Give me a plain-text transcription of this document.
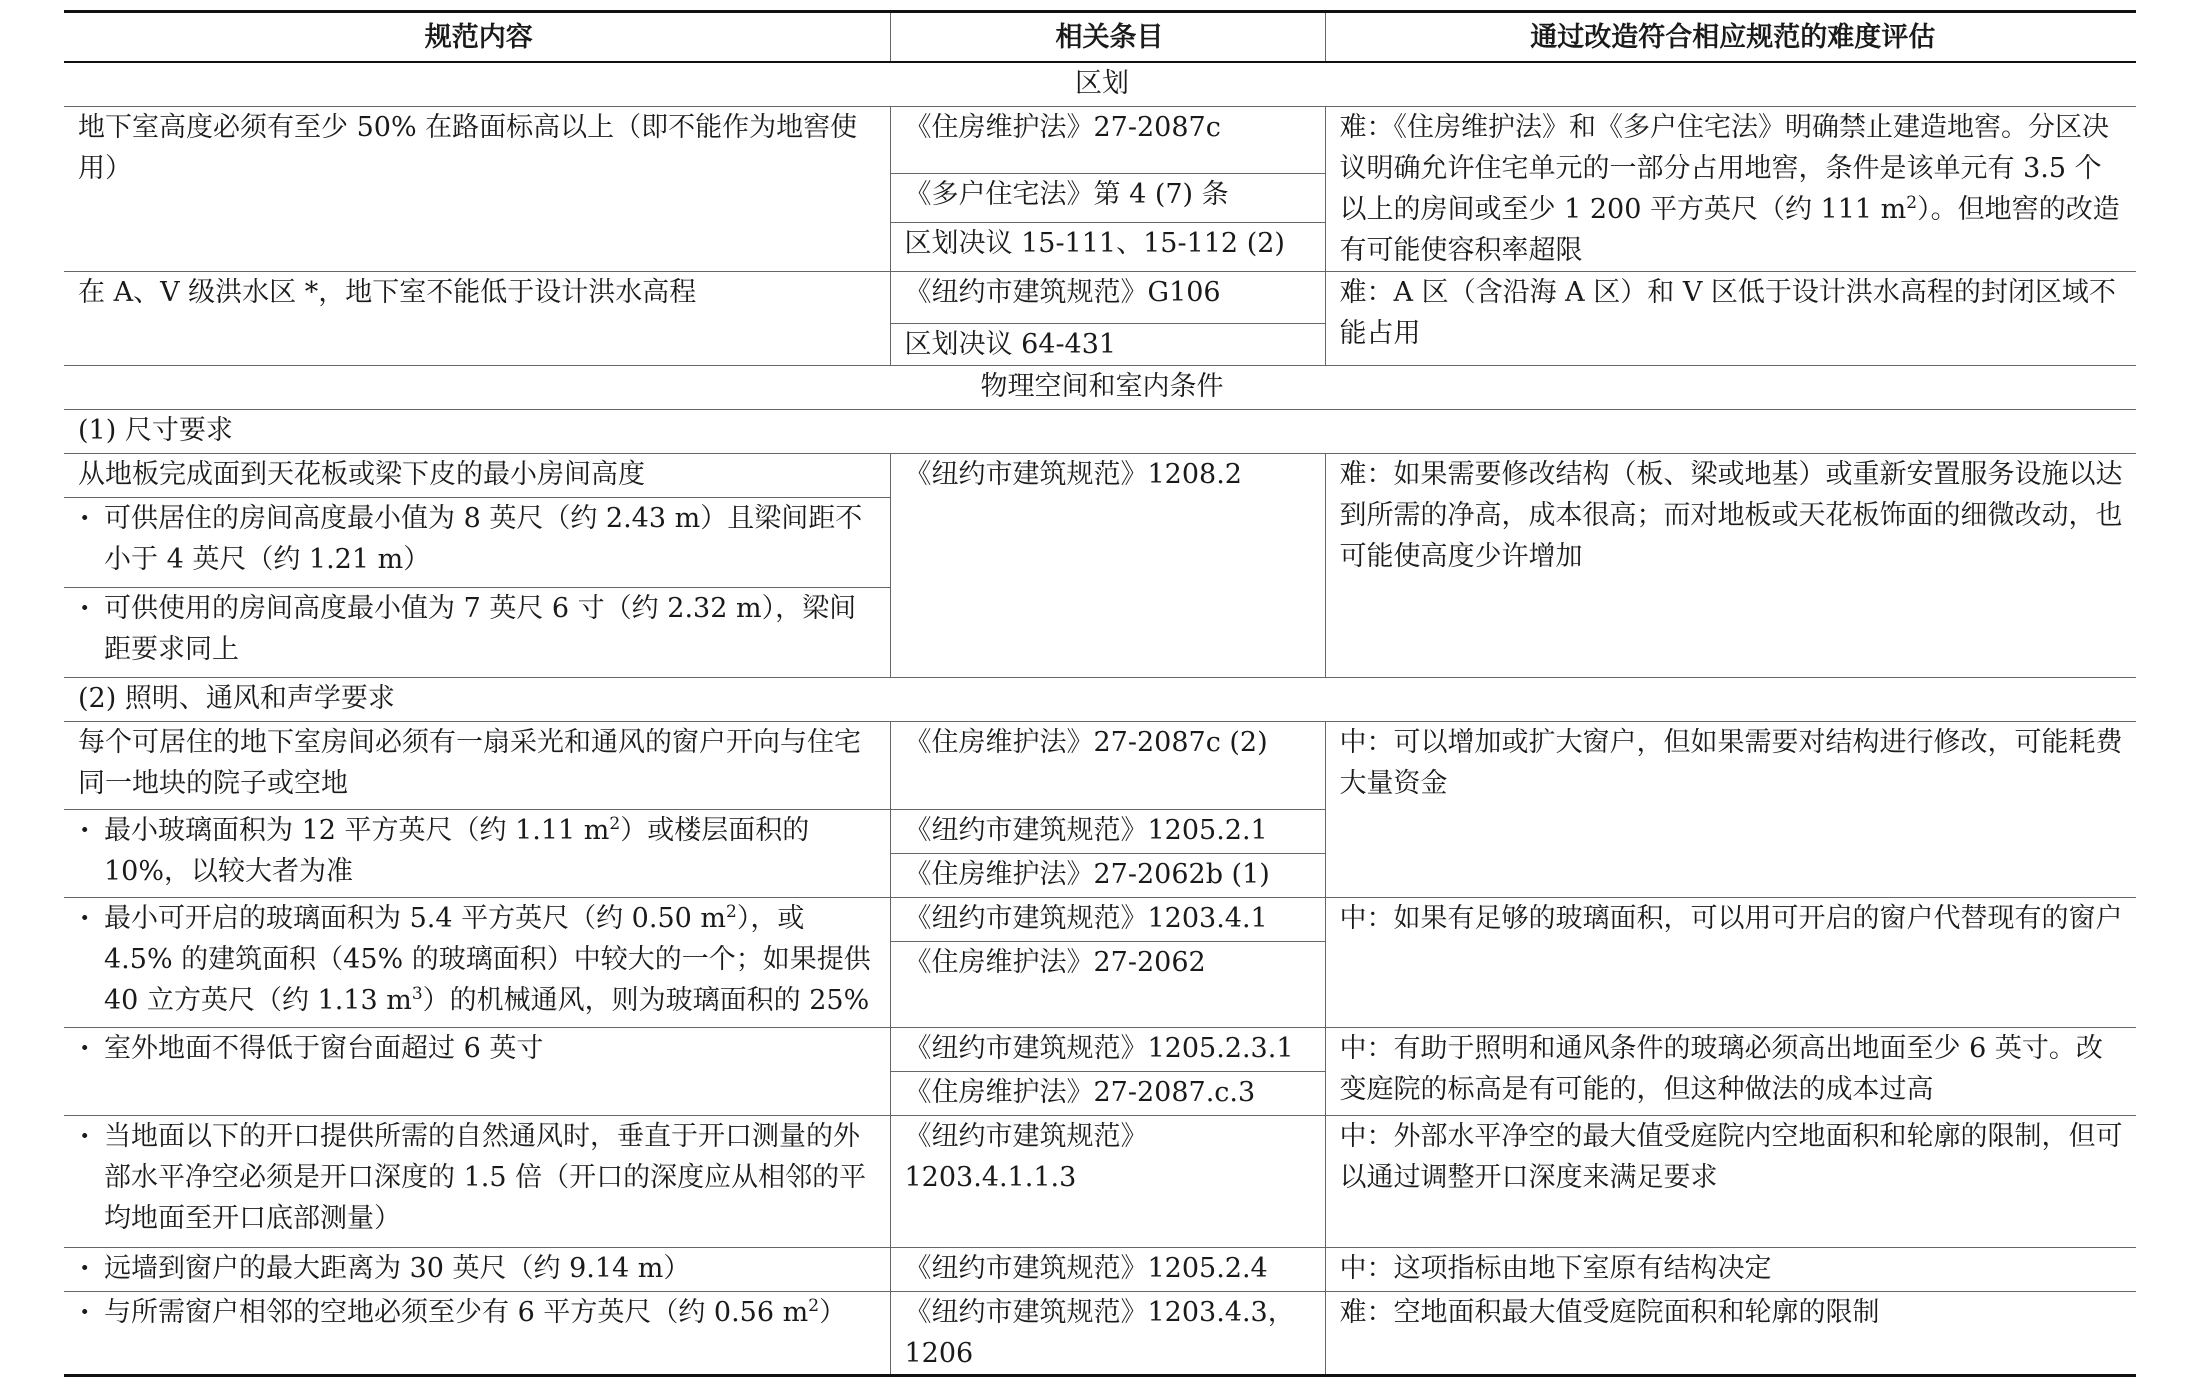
规范内容	相关条目	通过改造符合相应规范的难度评估
区划		
地下室高度必须有至少 50% 在路面标高以上（即不能作为地窖使用）	《住房维护法》27-2087c	难：《住房维护法》和《多户住宅法》明确禁止建造地窖。分区决议明确允许住宅单元的一部分占用地窖，条件是该单元有 3.5 个以上的房间或至少 1 200 平方英尺（约 111 $m^2$）。但地窖的改造有可能使容积率超限
	《多户住宅法》第 4 (7) 条	
	区划决议 15-111、15-112 (2)	
在 A、V 级洪水区 *，地下室不能低于设计洪水高程	《纽约市建筑规范》G106	难：A 区（含沿海 A 区）和 V 区低于设计洪水高程的封闭区域不能占用
	区划决议 64-431	
物理空间和室内条件		
(1) 尺寸要求		
从地板完成面到天花板或梁下皮的最小房间高度	《纽约市建筑规范》1208.2	难：如果需要修改结构（板、梁或地基）或重新安置服务设施以达到所需的净高，成本很高；而对地板或天花板饰面的细微改动，也可能使高度少许增加

· 可供居住的房间高度最小值为 8 英尺（约 2.43 m）且梁间距不小于 4 英尺（约 1.21 m）

· 可供使用的房间高度最小值为 7 英尺 6 寸（约 2.32 m），梁间距要求同上

(2) 照明、通风和声学要求		
每个可居住的地下室房间必须有一扇采光和通风的窗户开向与住宅同一地块的院子或空地	《住房维护法》27-2087c (2)	中：可以增加或扩大窗户，但如果需要对结构进行修改，可能耗费大量资金

· 最小玻璃面积为 12 平方英尺（约 1.11 $m^2$）或楼层面积的 10%，以较大者为准	《纽约市建筑规范》1205.2.1	
	《住房维护法》27-2062b (1)	

· 最小可开启的玻璃面积为 5.4 平方英尺（约 0.50 $m^2$），或 4.5% 的建筑面积（45% 的玻璃面积）中较大的一个；如果提供 40 立方英尺（约 1.13 $m^3$）的机械通风，则为玻璃面积的 25%	《纽约市建筑规范》1203.4.1	中：如果有足够的玻璃面积，可以用可开启的窗户代替现有的窗户
	《住房维护法》27-2062	

· 室外地面不得低于窗台面超过 6 英寸	《纽约市建筑规范》1205.2.3.1	中：有助于照明和通风条件的玻璃必须高出地面至少 6 英寸。改变庭院的标高是有可能的，但这种做法的成本过高
	《住房维护法》27-2087.c.3	

· 当地面以下的开口提供所需的自然通风时，垂直于开口测量的外部水平净空必须是开口深度的 1.5 倍（开口的深度应从相邻的平均地面至开口底部测量）	《纽约市建筑规范》1203.4.1.1.3	中：外部水平净空的最大值受庭院内空地面积和轮廓的限制，但可以通过调整开口深度来满足要求

· 远墙到窗户的最大距离为 30 英尺（约 9.14 m）	《纽约市建筑规范》1205.2.4	中：这项指标由地下室原有结构决定

· 与所需窗户相邻的空地必须至少有 6 平方英尺（约 0.56 $m^2$）	《纽约市建筑规范》1203.4.3，1206	难：空地面积最大值受庭院面积和轮廓的限制
